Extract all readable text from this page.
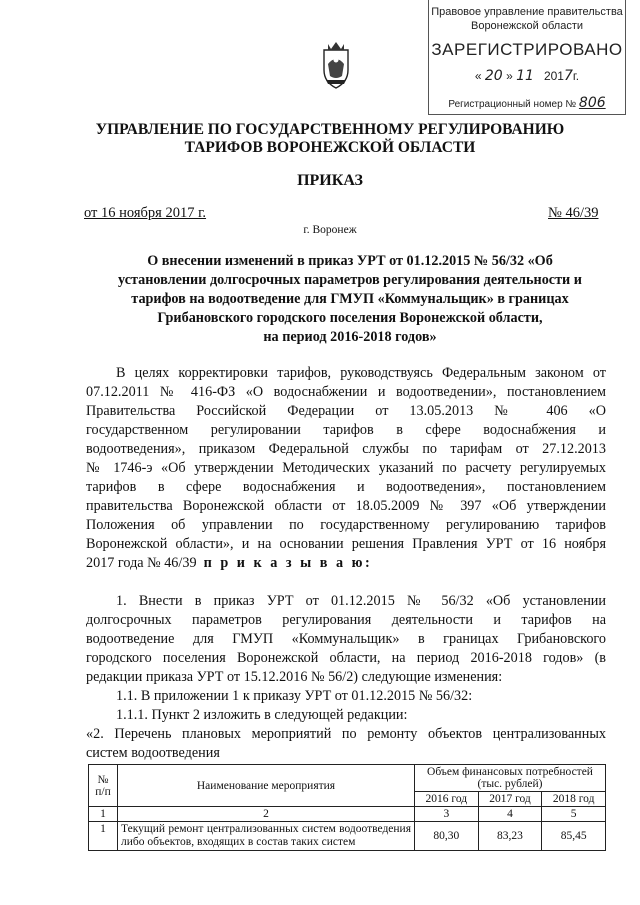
Правовое управление правительства
Воронежской области
ЗАРЕГИСТРИРОВАНО
« 20 » 11 2017г.
Регистрационный номер № 806
УПРАВЛЕНИЕ ПО ГОСУДАРСТВЕННОМУ РЕГУЛИРОВАНИЮ
ТАРИФОВ ВОРОНЕЖСКОЙ ОБЛАСТИ
ПРИКАЗ
от 16 ноября 2017 г.	№ 46/39
г. Воронеж
О внесении изменений в приказ УРТ от 01.12.2015 № 56/32 «Об
установлении долгосрочных параметров регулирования деятельности и
тарифов на водоотведение для ГМУП «Коммунальщик» в границах
Грибановского городского поселения Воронежской области,
на период 2016-2018 годов»
В целях корректировки тарифов, руководствуясь Федеральным законом от
07.12.2011 № 416-ФЗ «О водоснабжении и водоотведении», постановлением
Правительства Российской Федерации от 13.05.2013 № 406 «О
государственном регулировании тарифов в сфере водоснабжения и
водоотведения», приказом Федеральной службы по тарифам от 27.12.2013
№ 1746-э «Об утверждении Методических указаний по расчету регулируемых
тарифов в сфере водоснабжения и водоотведения», постановлением
правительства Воронежской области от 18.05.2009 № 397 «Об утверждении
Положения об управлении по государственному регулированию тарифов
Воронежской области», и на основании решения Правления УРТ от 16 ноября
2017 года № 46/39 п р и к а з ы в а ю:
1. Внести в приказ УРТ от 01.12.2015 № 56/32 «Об установлении
долгосрочных параметров регулирования деятельности и тарифов на
водоотведение для ГМУП «Коммунальщик» в границах Грибановского
городского поселения Воронежской области, на период 2016-2018 годов» (в
редакции приказа УРТ от 15.12.2016 № 56/2) следующие изменения:
1.1. В приложении 1 к приказу УРТ от 01.12.2015 № 56/32:
1.1.1. Пункт 2 изложить в следующей редакции:
«2. Перечень плановых мероприятий по ремонту объектов централизованных
систем водоотведения
№ п/п	Наименование мероприятия	Объем финансовых потребностей (тыс. рублей)		
		2016 год	2017 год	2018 год
1	2	3	4	5
1	Текущий ремонт централизованных систем водоотведения либо объектов, входящих в состав таких систем	80,30	83,23	85,45
